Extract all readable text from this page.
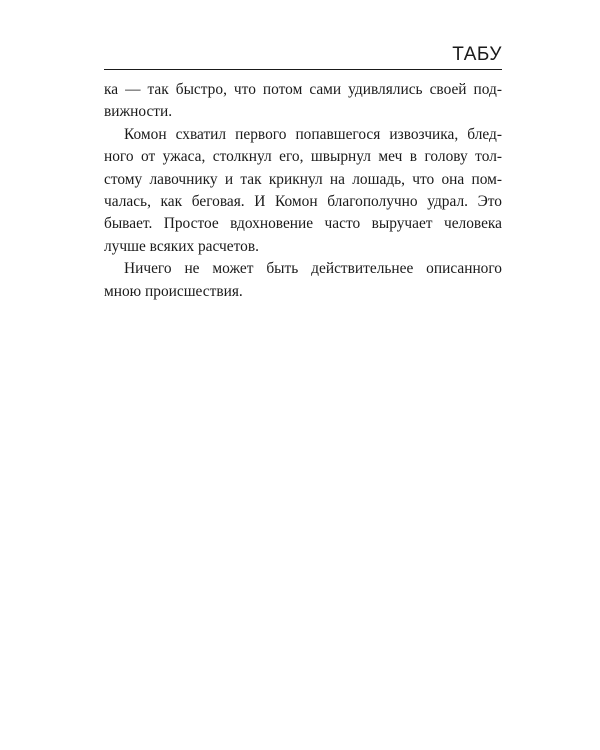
ТАБУ
ка — так быстро, что потом сами удивлялись своей под-
вижности.
Комон схватил первого попавшегося извозчика, блед-
ного от ужаса, столкнул его, швырнул меч в голову тол-
стому лавочнику и так крикнул на лошадь, что она пом-
чалась, как беговая. И Комон благополучно удрал. Это
бывает. Простое вдохновение часто выручает человека
лучше всяких расчетов.
Ничего не может быть действительнее описанного
мною происшествия.
